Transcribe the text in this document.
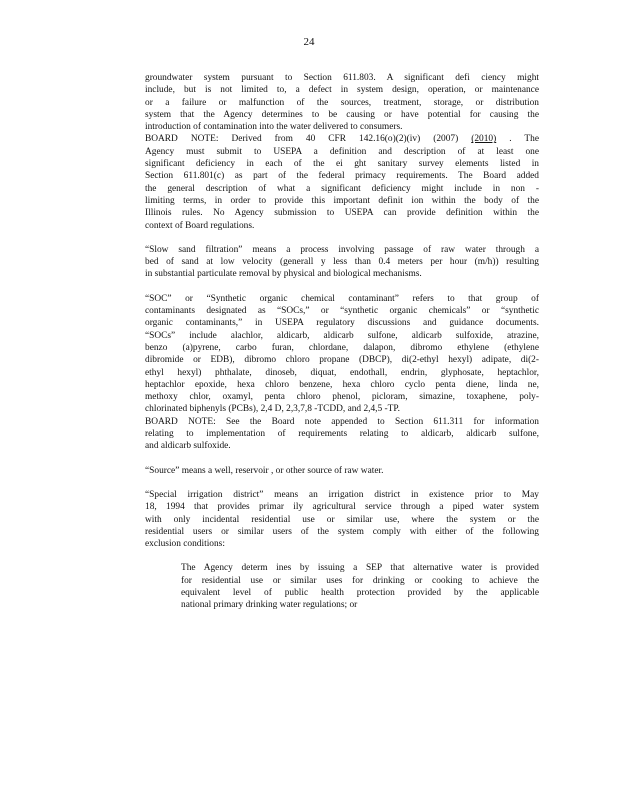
24
groundwater system pursuant to Section 611.803. A significant defi ciency might
include, but is not limited to, a defect in system design, operation, or maintenance
or a failure or malfunction of the sources, treatment, storage, or distribution
system that the Agency determines to be causing or have potential for causing the
introduction of contamination into the water delivered to consumers.
BOARD NOTE: Derived from 40 CFR 142.16(o)(2)(iv) (2007) (2010) . The
Agency must submit to USEPA a definition and description of at least one
significant deficiency in each of the ei ght sanitary survey elements listed in
Section 611.801(c) as part of the federal primacy requirements. The Board added
the general description of what a significant deficiency might include in non -
limiting terms, in order to provide this important definit ion within the body of the
Illinois rules. No Agency submission to USEPA can provide definition within the
context of Board regulations.
“Slow sand filtration” means a process involving passage of raw water through a
bed of sand at low velocity (generall y less than 0.4 meters per hour (m/h)) resulting
in substantial particulate removal by physical and biological mechanisms.
“SOC” or “Synthetic organic chemical contaminant” refers to that group of
contaminants designated as “SOCs,” or “synthetic organic chemicals” or “synthetic
organic contaminants,” in USEPA regulatory discussions and guidance documents.
“SOCs” include alachlor, aldicarb, aldicarb sulfone, aldicarb sulfoxide, atrazine,
benzo (a)pyrene, carbo furan, chlordane, dalapon, dibromo ethylene (ethylene
dibromide or EDB), dibromo chloro propane (DBCP), di(2-ethyl hexyl) adipate, di(2-
ethyl hexyl) phthalate, dinoseb, diquat, endothall, endrin, glyphosate, heptachlor,
heptachlor epoxide, hexa chloro benzene, hexa chloro cyclo penta diene, linda ne,
methoxy chlor, oxamyl, penta chloro phenol, picloram, simazine, toxaphene, poly-
chlorinated biphenyls (PCBs), 2,4 D, 2,3,7,8 -TCDD, and 2,4,5 -TP.
BOARD NOTE: See the Board note appended to Section 611.311 for information
relating to implementation of requirements relating to aldicarb, aldicarb sulfone,
and aldicarb sulfoxide.
“Source” means a well, reservoir , or other source of raw water.
“Special irrigation district” means an irrigation district in existence prior to May
18, 1994 that provides primar ily agricultural service through a piped water system
with only incidental residential use or similar use, where the system or the
residential users or similar users of the system comply with either of the following
exclusion conditions:
The Agency determ ines by issuing a SEP that alternative water is provided
for residential use or similar uses for drinking or cooking to achieve the
equivalent level of public health protection provided by the applicable
national primary drinking water regulations; or
